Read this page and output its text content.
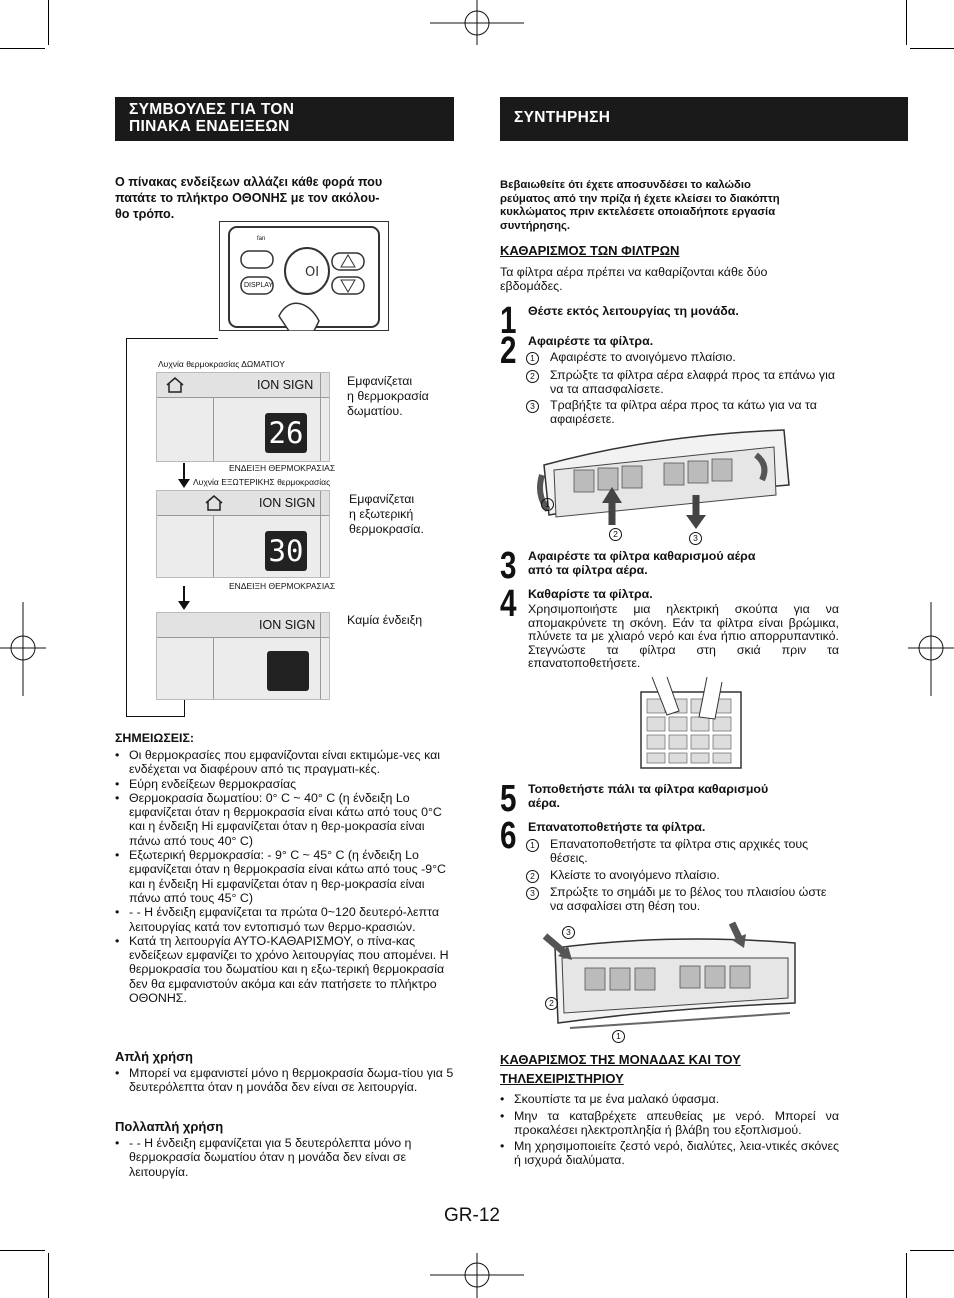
ΣΥΜΒΟΥΛΕΣ ΓΙΑ ΤΟΝ
ΠΙΝΑΚΑ ΕΝΔΕΙΞΕΩΝ
Ο πίνακας ενδείξεων αλλάζει κάθε φορά που
πατάτε το πλήκτρο ΟΘΟΝΗΣ με τον ακόλου-
θο τρόπο.
OI
fan
DISPLAY
Λυχνία θερμοκρασίας ΔΩΜΑΤΙΟΥ
ION SIGN
26
ΕΝΔΕΙΞΗ ΘΕΡΜΟΚΡΑΣΙΑΣ
Εμφανίζεται
η θερμοκρασία
δωματίου.
Λυχνία ΕΞΩΤΕΡΙΚΗΣ θερμοκρασίας
ION SIGN
30
ΕΝΔΕΙΞΗ ΘΕΡΜΟΚΡΑΣΙΑΣ
Εμφανίζεται
η εξωτερική
θερμοκρασία.
ION SIGN	Καμία ένδειξη
ΣΗΜΕΙΩΣΕΙΣ:
• Οι θερμοκρασίες που εμφανίζονται είναι εκτιμώμε-νες και ενδέχεται να διαφέρουν από τις πραγματι-κές.
• Εύρη ενδείξεων θερμοκρασίας
• Θερμοκρασία δωματίου: 0° C ~ 40° C (η ένδειξη Lo εμφανίζεται όταν η θερμοκρασία είναι κάτω από τους 0°C και η ένδειξη Hi εμφανίζεται όταν η θερ-μοκρασία είναι πάνω από τους 40° C)
• Εξωτερική θερμοκρασία: - 9° C ~ 45° C (η ένδειξη Lo εμφανίζεται όταν η θερμοκρασία είναι κάτω από τους -9°C και η ένδειξη Hi εμφανίζεται όταν η θερ-μοκρασία είναι πάνω από τους 45° C)
• - - Η ένδειξη εμφανίζεται τα πρώτα 0~120 δευτερό-λεπτα λειτουργίας κατά τον εντοπισμό των θερμο-κρασιών.
• Κατά τη λειτουργία ΑΥΤΟ-ΚΑΘΑΡΙΣΜΟΥ, ο πίνα-κας ενδείξεων εμφανίζει το χρόνο λειτουργίας που απομένει. Η θερμοκρασία του δωματίου και η εξω-τερική θερμοκρασία δεν θα εμφανιστούν ακόμα και εάν πατήσετε το πλήκτρο ΟΘΟΝΗΣ.
Απλή χρήση
• Μπορεί να εμφανιστεί μόνο η θερμοκρασία δωμα-τίου για 5 δευτερόλεπτα όταν η μονάδα δεν είναι σε λειτουργία.
Πολλαπλή χρήση
• - - Η ένδειξη εμφανίζεται για 5 δευτερόλεπτα μόνο η θερμοκρασία δωματίου όταν η μονάδα δεν είναι σε λειτουργία.
ΣΥΝΤΗΡΗΣΗ
Βεβαιωθείτε ότι έχετε αποσυνδέσει το καλώδιο
ρεύματος από την πρίζα ή έχετε κλείσει το διακόπτη
κυκλώματος πριν εκτελέσετε οποιαδήποτε εργασία
συντήρησης.
ΚΑΘΑΡΙΣΜΟΣ ΤΩΝ ΦΙΛΤΡΩΝ
Τα φίλτρα αέρα πρέπει να καθαρίζονται κάθε δύο
εβδομάδες.
1 Θέστε εκτός λειτουργίας τη μονάδα.
2 Αφαιρέστε τα φίλτρα.
1 Αφαιρέστε το ανοιγόμενο πλαίσιο.
2 Σπρώξτε τα φίλτρα αέρα ελαφρά προς τα επάνω για να τα απασφαλίσετε.
3 Τραβήξτε τα φίλτρα αέρα προς τα κάτω για να τα αφαιρέσετε.
1
2	3
3 Αφαιρέστε τα φίλτρα καθαρισμού αέρα
από τα φίλτρα αέρα.
4 Καθαρίστε τα φίλτρα.
Χρησιμοποιήστε μια ηλεκτρική σκούπα για να απομακρύνετε τη σκόνη. Εάν τα φίλτρα είναι βρώμικα, πλύνετε τα με χλιαρό νερό και ένα ήπιο απορρυπαντικό. Στεγνώστε τα φίλτρα στη σκιά πριν τα επανατοποθετήσετε.
5 Τοποθετήστε πάλι τα φίλτρα καθαρισμού
αέρα.
6 Επανατοποθετήστε τα φίλτρα.
1 Επανατοποθετήστε τα φίλτρα στις αρχικές τους θέσεις.
2 Κλείστε το ανοιγόμενο πλαίσιο.
3 Σπρώξτε το σημάδι με το βέλος του πλαισίου ώστε να ασφαλίσει στη θέση του.
3
2
1
ΚΑΘΑΡΙΣΜΟΣ ΤΗΣ ΜΟΝΑΔΑΣ ΚΑΙ ΤΟΥ
ΤΗΛΕΧΕΙΡΙΣΤΗΡΙΟΥ
• Σκουπίστε τα με ένα μαλακό ύφασμα.
• Μην τα καταβρέχετε απευθείας με νερό. Μπορεί να προκαλέσει ηλεκτροπληξία ή βλάβη του εξοπλισμού.
• Μη χρησιμοποιείτε ζεστό νερό, διαλύτες, λεια-ντικές σκόνες ή ισχυρά διαλύματα.
GR-12
